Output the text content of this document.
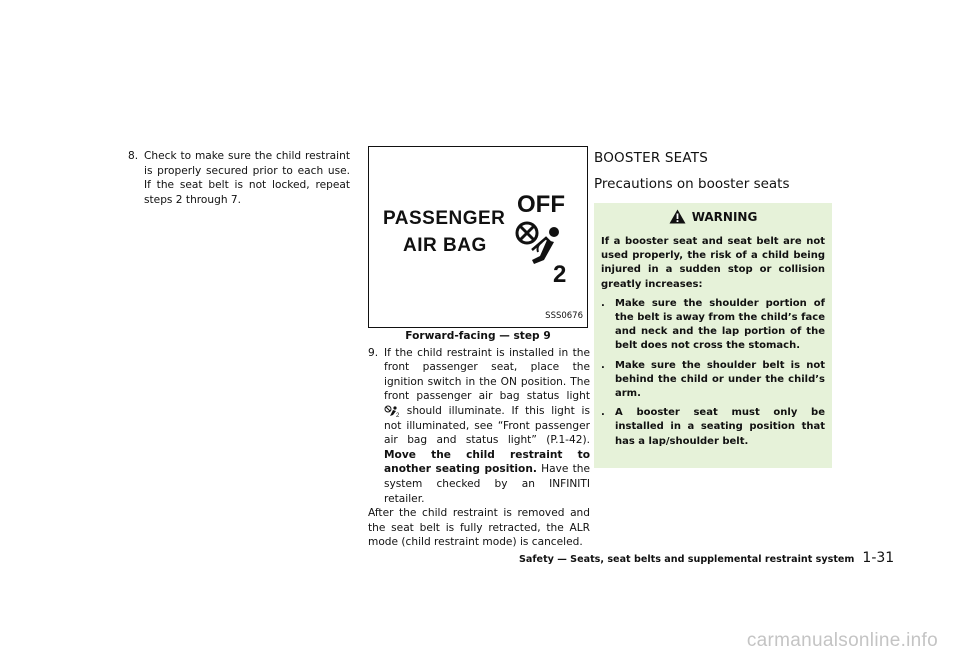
8. Check to make sure the child restraint is properly secured prior to each use. If the seat belt is not locked, repeat steps 2 through 7.
PASSENGER
AIR BAG
OFF
2
SSS0676
Forward-facing — step 9
9. If the child restraint is installed in the front passenger seat, place the ignition switch in the ON position. The front passenger air bag status light
2 should illuminate. If this light is not illuminated, see “Front passenger air bag and status light” (P.1-42). Move the child restraint to another seating position. Have the system checked by an INFINITI retailer.

After the child restraint is removed and the seat belt is fully retracted, the ALR mode (child restraint mode) is canceled.

BOOSTER SEATS
Precautions on booster seats
WARNING

If a booster seat and seat belt are not used properly, the risk of a child being injured in a sudden stop or collision greatly increases:

.	Make sure the shoulder portion of the belt is away from the child’s face and neck and the lap portion of the belt does not cross the stomach.
.	Make sure the shoulder belt is not behind the child or under the child’s arm.
.	A booster seat must only be installed in a seating position that has a lap/shoulder belt.
Safety — Seats, seat belts and supplemental restraint system 1-31
carmanualsonline.info
